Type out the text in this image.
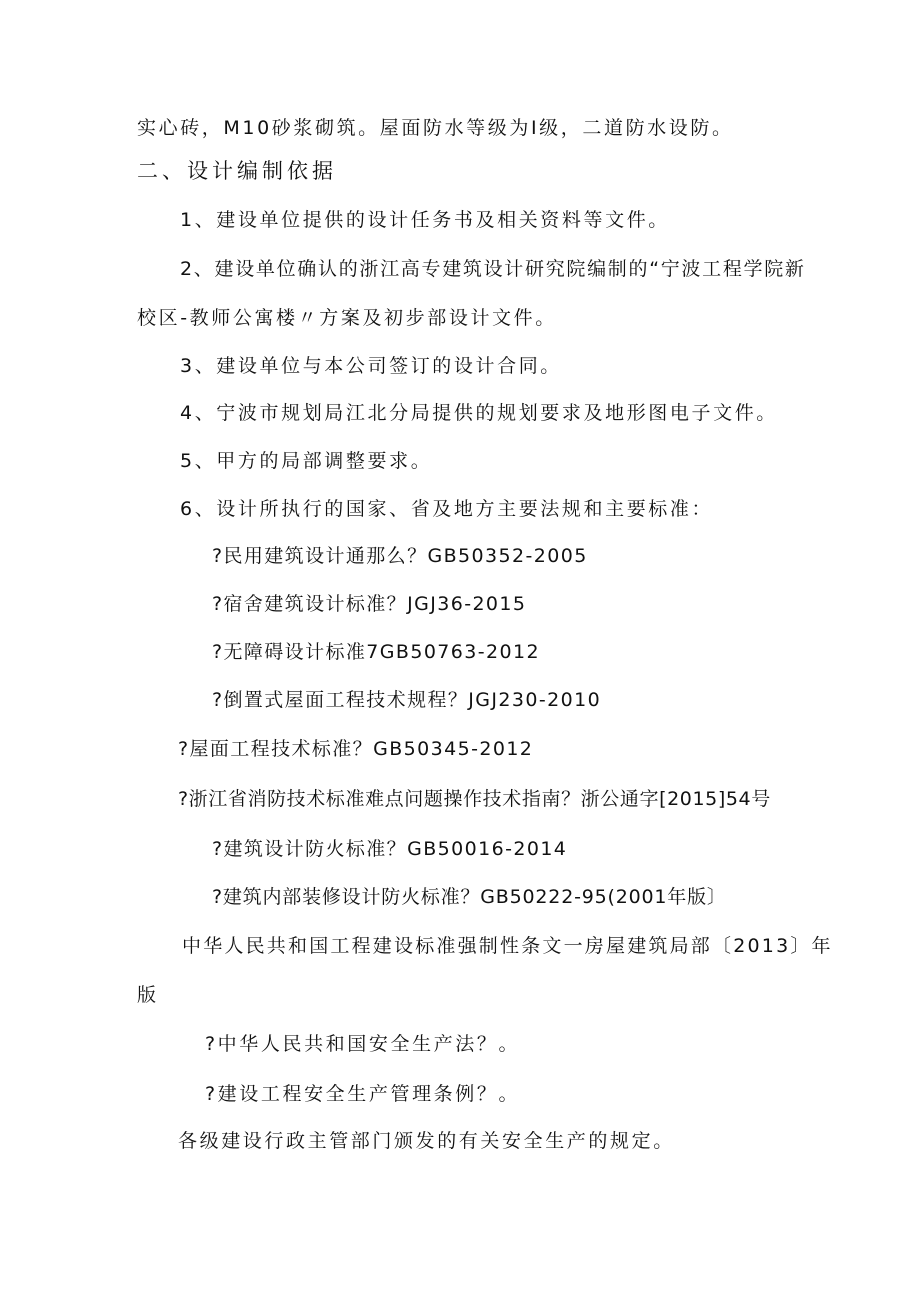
实心砖，M10砂浆砌筑。屋面防水等级为Ⅰ级，二道防水设防。
二、设计编制依据
1、建设单位提供的设计任务书及相关资料等文件。
2、建设单位确认的浙江高专建筑设计研究院编制的“宁波工程学院新
校区-教师公寓楼〃方案及初步部设计文件。
3、建设单位与本公司签订的设计合同。
4、宁波市规划局江北分局提供的规划要求及地形图电子文件。
5、甲方的局部调整要求。
6、设计所执行的国家、省及地方主要法规和主要标准：
?民用建筑设计通那么？GB50352-2005
?宿舍建筑设计标准？JGJ36-2015
?无障碍设计标准7GB50763-2012
?倒置式屋面工程技术规程？JGJ230-2010
?屋面工程技术标准？GB50345-2012
?浙江省消防技术标准难点问题操作技术指南？浙公通字[2015]54号
?建筑设计防火标准？GB50016-2014
?建筑内部装修设计防火标准？GB50222-95(2001年版〕
中华人民共和国工程建设标准强制性条文一房屋建筑局部〔2013〕年
版
?中华人民共和国安全生产法？。
?建设工程安全生产管理条例？。
各级建设行政主管部门颁发的有关安全生产的规定。
